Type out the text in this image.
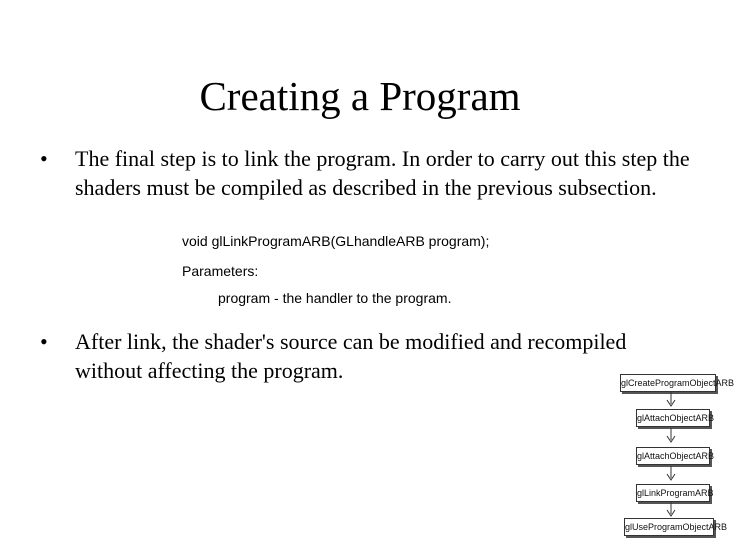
Creating a Program
• The final step is to link the program. In order to carry out this step the shaders must be compiled as described in the previous subsection.
void glLinkProgramARB(GLhandleARB program);
Parameters:
program - the handler to the program.
• After link, the shader's source can be modified and recompiled without affecting the program.	glCreateProgramObjectARB
glAttachObjectARB
glAttachObjectARB
glLinkProgramARB
glUseProgramObjectARB
